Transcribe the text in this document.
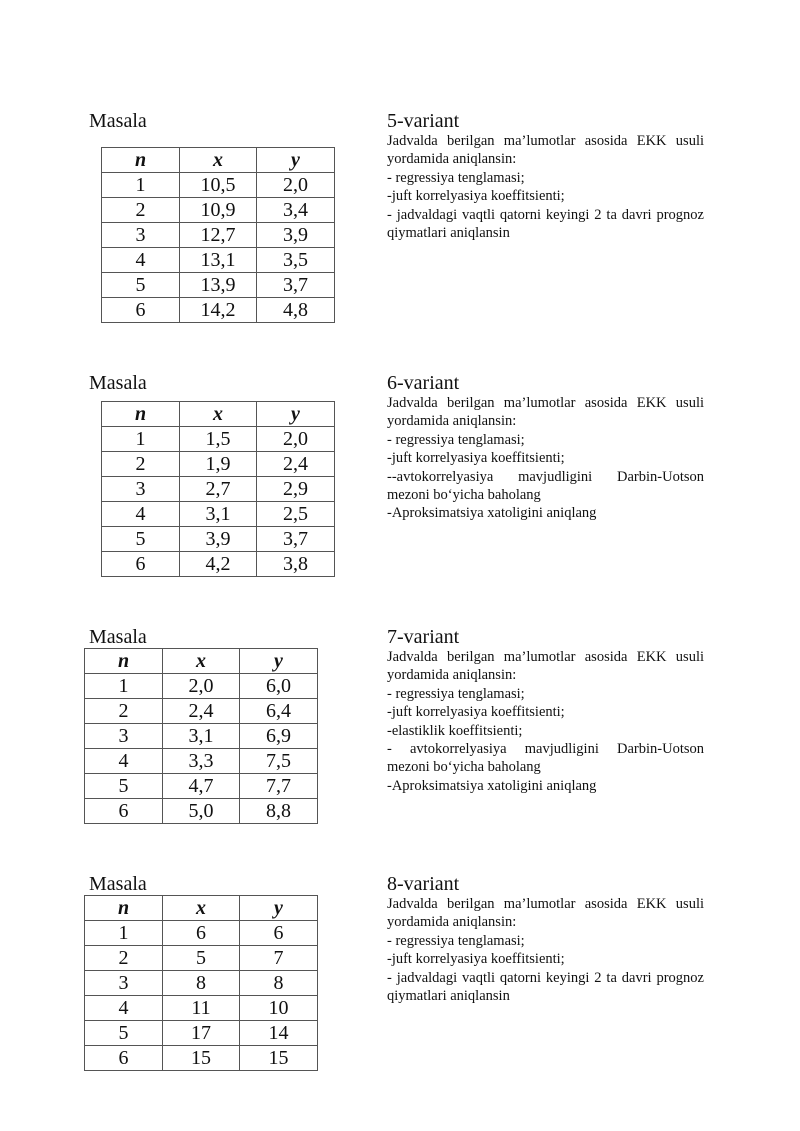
Masala	5-variant

Jadvalda berilgan ma’lumotlar asosida EKK usuli yordamida aniqlansin:

- regressiya tenglamasi;

-juft korrelyasiya koeffitsienti;

- jadvaldagi vaqtli qatorni keyingi 2 ta davri prognoz qiymatlari aniqlansin

n	x	y
1	10,5	2,0
2	10,9	3,4
3	12,7	3,9
4	13,1	3,5
5	13,9	3,7
6	14,2	4,8
Masala	6-variant

Jadvalda berilgan ma’lumotlar asosida EKK usuli yordamida aniqlansin:

- regressiya tenglamasi;

-juft korrelyasiya koeffitsienti;

--avtokorrelyasiya mavjudligini Darbin-Uotson mezoni bo‘yicha baholang

-Aproksimatsiya xatoligini aniqlang

n	x	y
1	1,5	2,0
2	1,9	2,4
3	2,7	2,9
4	3,1	2,5
5	3,9	3,7
6	4,2	3,8
Masala	7-variant

Jadvalda berilgan ma’lumotlar asosida EKK usuli yordamida aniqlansin:

- regressiya tenglamasi;

-juft korrelyasiya koeffitsienti;

-elastiklik koeffitsienti;

- avtokorrelyasiya mavjudligini Darbin-Uotson mezoni bo‘yicha baholang

-Aproksimatsiya xatoligini aniqlang

n	x	y
1	2,0	6,0
2	2,4	6,4
3	3,1	6,9
4	3,3	7,5
5	4,7	7,7
6	5,0	8,8
Masala	8-variant

Jadvalda berilgan ma’lumotlar asosida EKK usuli yordamida aniqlansin:

- regressiya tenglamasi;

-juft korrelyasiya koeffitsienti;

- jadvaldagi vaqtli qatorni keyingi 2 ta davri prognoz qiymatlari aniqlansin

n	x	y
1	6	6
2	5	7
3	8	8
4	11	10
5	17	14
6	15	15
